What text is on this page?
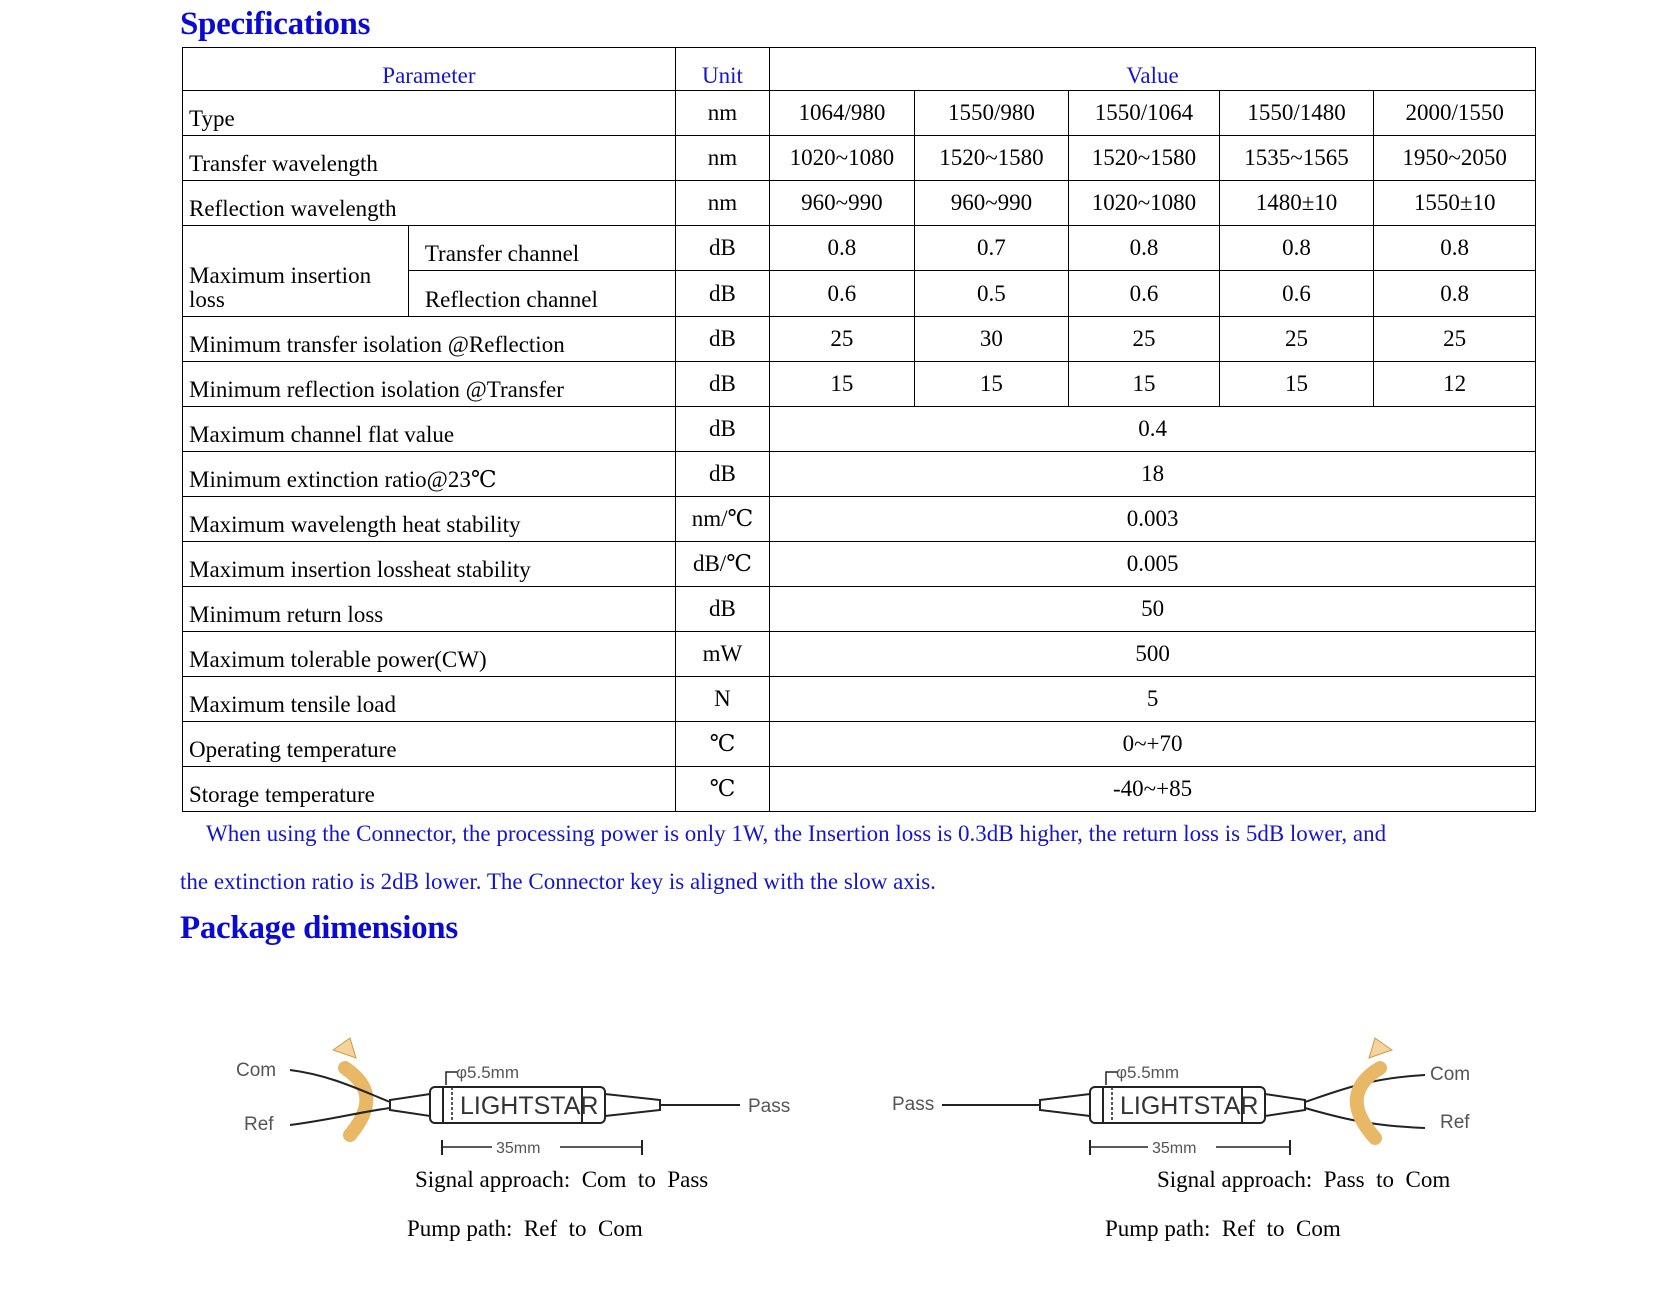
Specifications
Parameter		Unit	Value				
Type		nm	1064/980	1550/980	1550/1064	1550/1480	2000/1550
Transfer wavelength		nm	1020~1080	1520~1580	1520~1580	1535~1565	1950~2050
Reflection wavelength		nm	960~990	960~990	1020~1080	1480±10	1550±10
Maximum insertion loss	Transfer channel	dB	0.8	0.7	0.8	0.8	0.8
	Reflection channel	dB	0.6	0.5	0.6	0.6	0.8
Minimum transfer isolation @Reflection		dB	25	30	25	25	25
Minimum reflection isolation @Transfer		dB	15	15	15	15	12
Maximum channel flat value		dB	0.4				
Minimum extinction ratio@23℃		dB	18				
Maximum wavelength heat stability		nm/℃	0.003				
Maximum insertion lossheat stability		dB/℃	0.005				
Minimum return loss		dB	50				
Maximum tolerable power(CW)		mW	500				
Maximum tensile load		N	5				
Operating temperature		℃	0~+70				
Storage temperature		℃	-40~+85				

When using the Connector, the processing power is only 1W, the Insertion loss is 0.3dB higher, the return loss is 5dB lower, and

the extinction ratio is 2dB lower. The Connector key is aligned with the slow axis.

Package dimensions
Com
Ref
LIGHTSTAR	Pass
φ5.5mm
35mm
Signal approach:  Com  to  Pass
Pump path:  Ref  to  Com
Pass	LIGHTSTAR
Com
Ref
φ5.5mm
35mm
Signal approach:  Pass  to  Com
Pump path:  Ref  to  Com
